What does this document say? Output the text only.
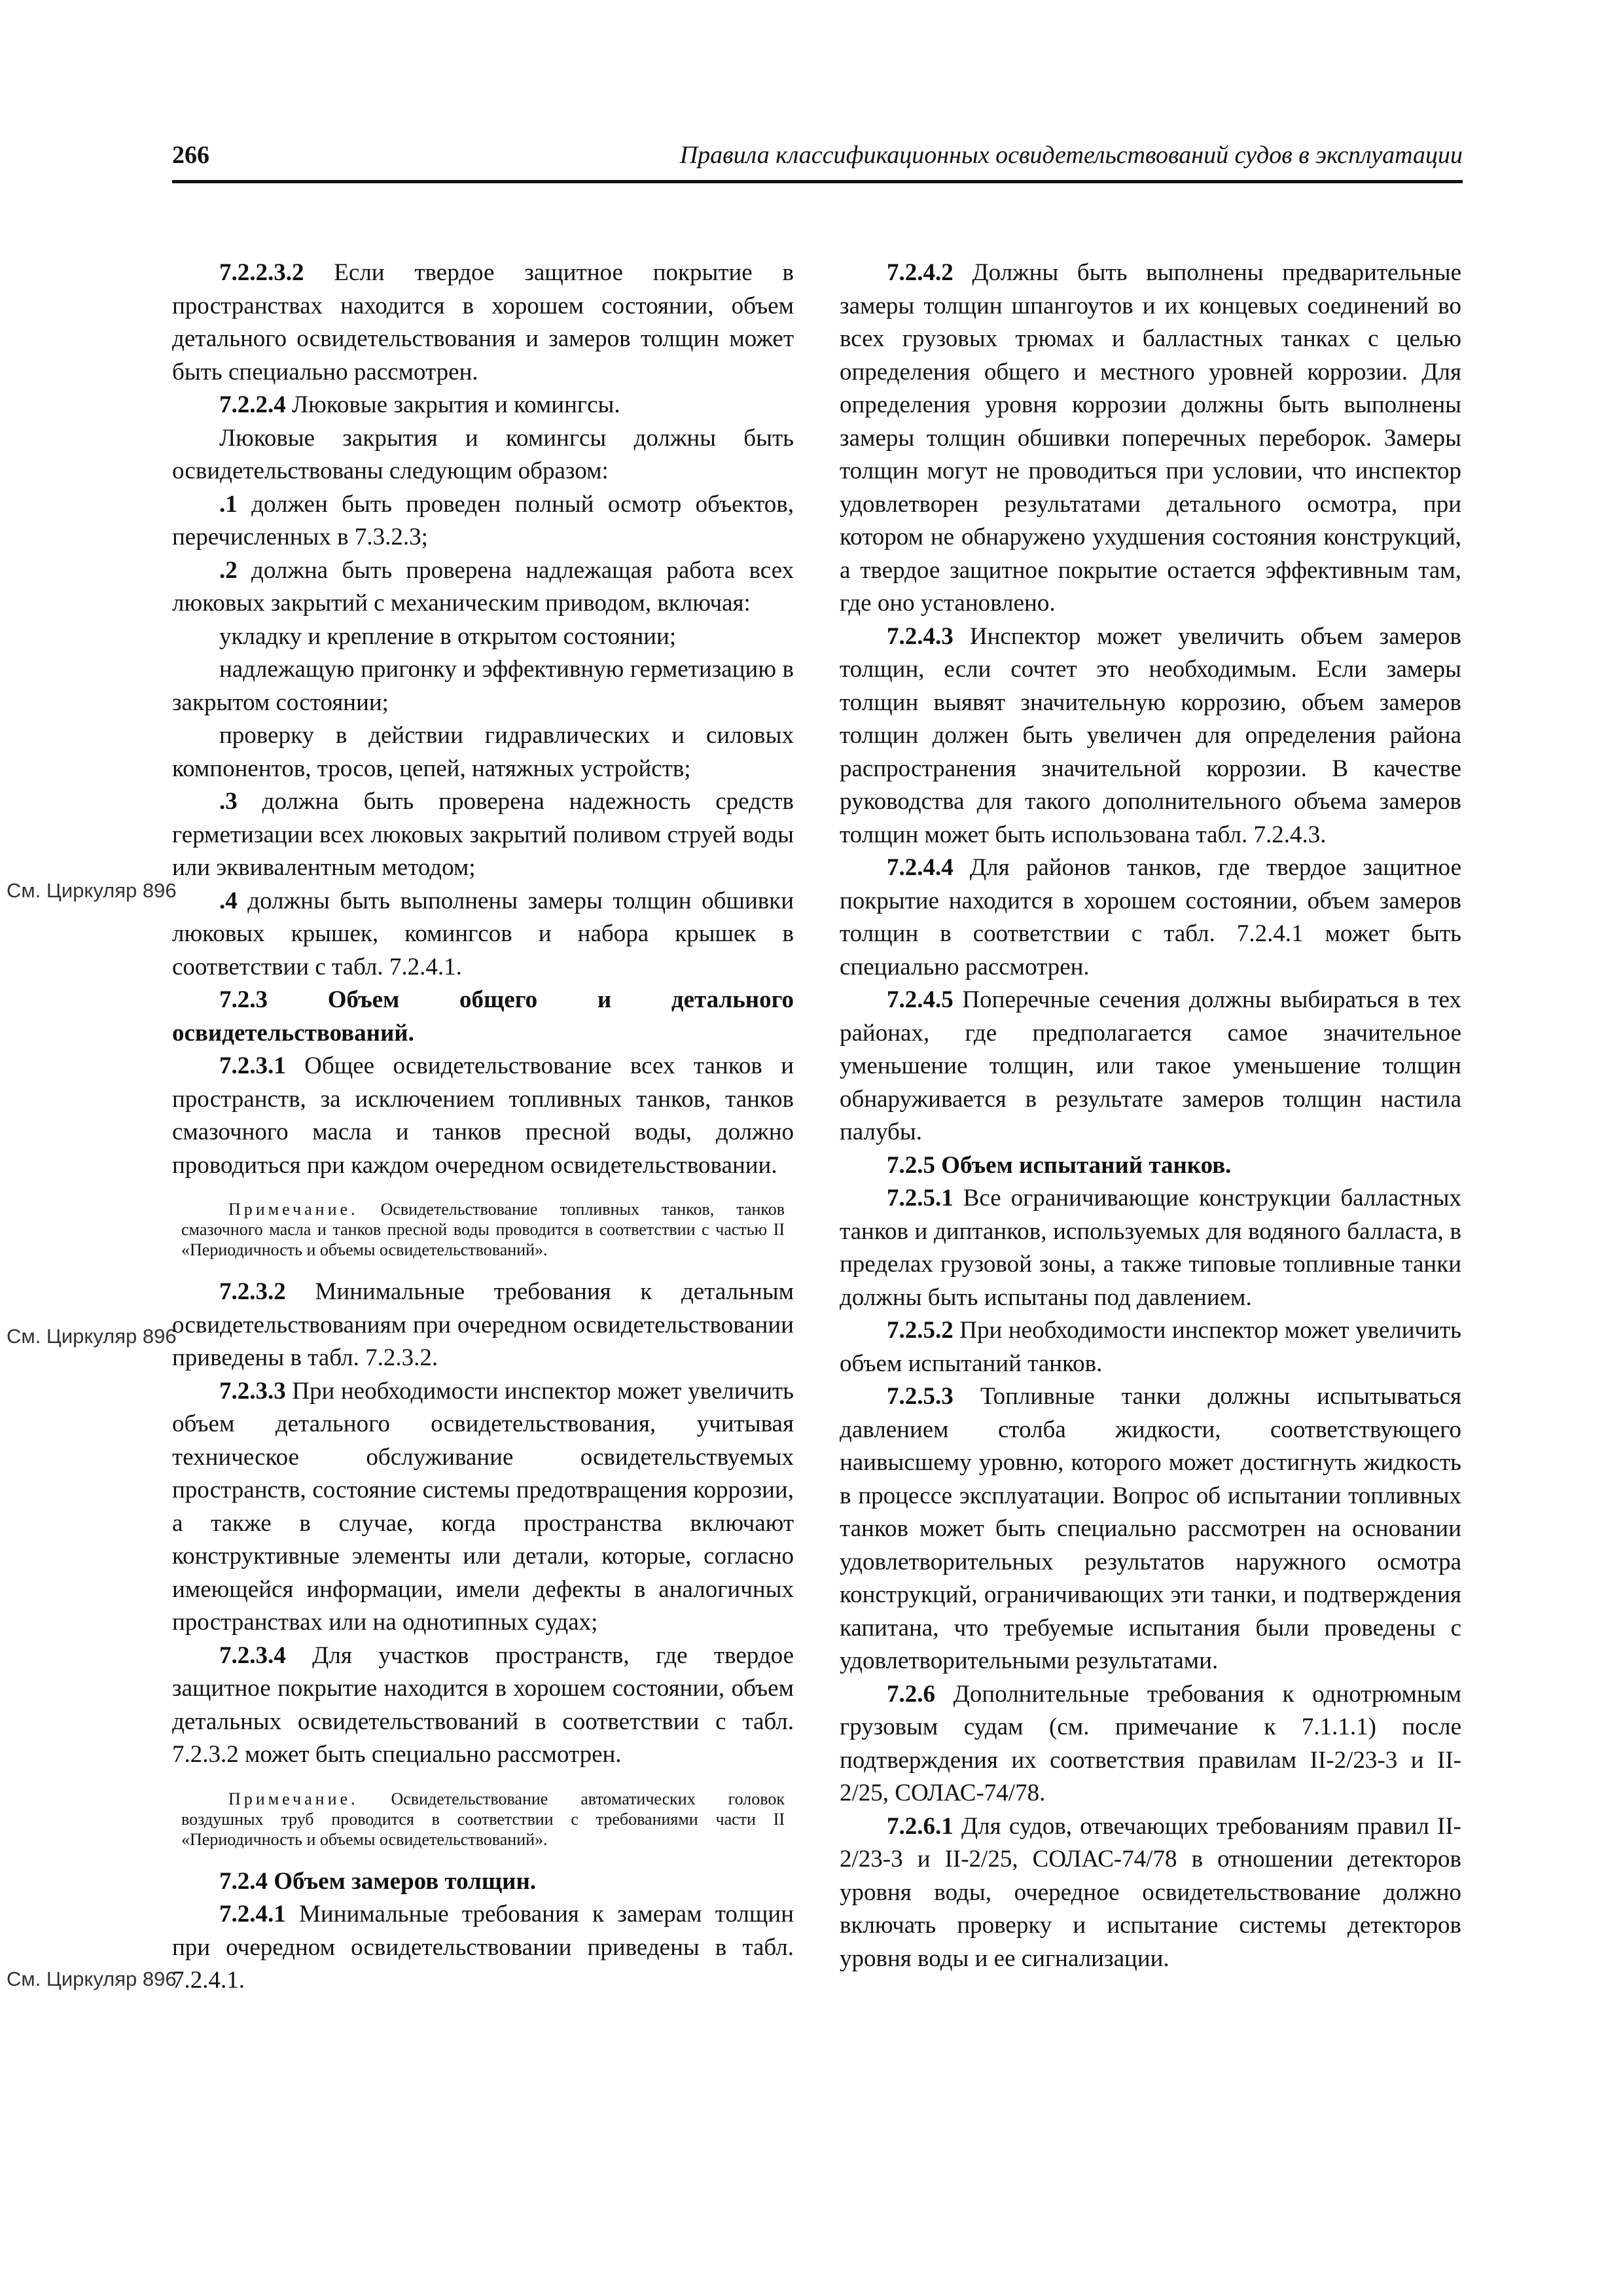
266	Правила классификационных освидетельствований судов в эксплуатации
См. Циркуляр 896
См. Циркуляр 896
См. Циркуляр 896

7.2.2.3.2 Если твердое защитное покрытие в пространствах находится в хорошем состоянии, объем детального освидетельствования и замеров толщин может быть специально рассмотрен.

7.2.2.4 Люковые закрытия и комингсы.

Люковые закрытия и комингсы должны быть освидетельствованы следующим образом:

.1 должен быть проведен полный осмотр объектов, перечисленных в 7.3.2.3;

.2 должна быть проверена надлежащая работа всех люковых закрытий с механическим приводом, включая:

укладку и крепление в открытом состоянии;

надлежащую пригонку и эффективную герметизацию в закрытом состоянии;

проверку в действии гидравлических и силовых компонентов, тросов, цепей, натяжных устройств;

.3 должна быть проверена надежность средств герметизации всех люковых закрытий поливом струей воды или эквивалентным методом;

.4 должны быть выполнены замеры толщин обшивки люковых крышек, комингсов и набора крышек в соответствии с табл. 7.2.4.1.

7.2.3 Объем общего и детального освидетельствований.

7.2.3.1 Общее освидетельствование всех танков и пространств, за исключением топливных танков, танков смазочного масла и танков пресной воды, должно проводиться при каждом очередном освидетельствовании.

Примечание. Освидетельствование топливных танков, танков смазочного масла и танков пресной воды проводится в соответствии с частью II «Периодичность и объемы освидетельствований».

7.2.3.2 Минимальные требования к детальным освидетельствованиям при очередном освидетельствовании приведены в табл. 7.2.3.2.

7.2.3.3 При необходимости инспектор может увеличить объем детального освидетельствования, учитывая техническое обслуживание освидетельствуемых пространств, состояние системы предотвращения коррозии, а также в случае, когда пространства включают конструктивные элементы или детали, которые, согласно имеющейся информации, имели дефекты в аналогичных пространствах или на однотипных судах;

7.2.3.4 Для участков пространств, где твердое защитное покрытие находится в хорошем состоянии, объем детальных освидетельствований в соответствии с табл. 7.2.3.2 может быть специально рассмотрен.

Примечание. Освидетельствование автоматических головок воздушных труб проводится в соответствии с требованиями части II «Периодичность и объемы освидетельствований».

7.2.4 Объем замеров толщин.

7.2.4.1 Минимальные требования к замерам толщин при очередном освидетельствовании приведены в табл. 7.2.4.1.

7.2.4.2 Должны быть выполнены предварительные замеры толщин шпангоутов и их концевых соединений во всех грузовых трюмах и балластных танках с целью определения общего и местного уровней коррозии. Для определения уровня коррозии должны быть выполнены замеры толщин обшивки поперечных переборок. Замеры толщин могут не проводиться при условии, что инспектор удовлетворен результатами детального осмотра, при котором не обнаружено ухудшения состояния конструкций, а твердое защитное покрытие остается эффективным там, где оно установлено.

7.2.4.3 Инспектор может увеличить объем замеров толщин, если сочтет это необходимым. Если замеры толщин выявят значительную коррозию, объем замеров толщин должен быть увеличен для определения района распространения значительной коррозии. В качестве руководства для такого дополнительного объема замеров толщин может быть использована табл. 7.2.4.3.

7.2.4.4 Для районов танков, где твердое защитное покрытие находится в хорошем состоянии, объем замеров толщин в соответствии с табл. 7.2.4.1 может быть специально рассмотрен.

7.2.4.5 Поперечные сечения должны выбираться в тех районах, где предполагается самое значительное уменьшение толщин, или такое уменьшение толщин обнаруживается в результате замеров толщин настила палубы.

7.2.5 Объем испытаний танков.

7.2.5.1 Все ограничивающие конструкции балластных танков и диптанков, используемых для водяного балласта, в пределах грузовой зоны, а также типовые топливные танки должны быть испытаны под давлением.

7.2.5.2 При необходимости инспектор может увеличить объем испытаний танков.

7.2.5.3 Топливные танки должны испытываться давлением столба жидкости, соответствующего наивысшему уровню, которого может достигнуть жидкость в процессе эксплуатации. Вопрос об испытании топливных танков может быть специально рассмотрен на основании удовлетворительных результатов наружного осмотра конструкций, ограничивающих эти танки, и подтверждения капитана, что требуемые испытания были проведены с удовлетворительными результатами.

7.2.6 Дополнительные требования к однотрюмным грузовым судам (см. примечание к 7.1.1.1) после подтверждения их соответствия правилам II-2/23-3 и II-2/25, СОЛАС-74/78.

7.2.6.1 Для судов, отвечающих требованиям правил II-2/23-3 и II-2/25, СОЛАС-74/78 в отношении детекторов уровня воды, очередное освидетельствование должно включать проверку и испытание системы детекторов уровня воды и ее сигнализации.
